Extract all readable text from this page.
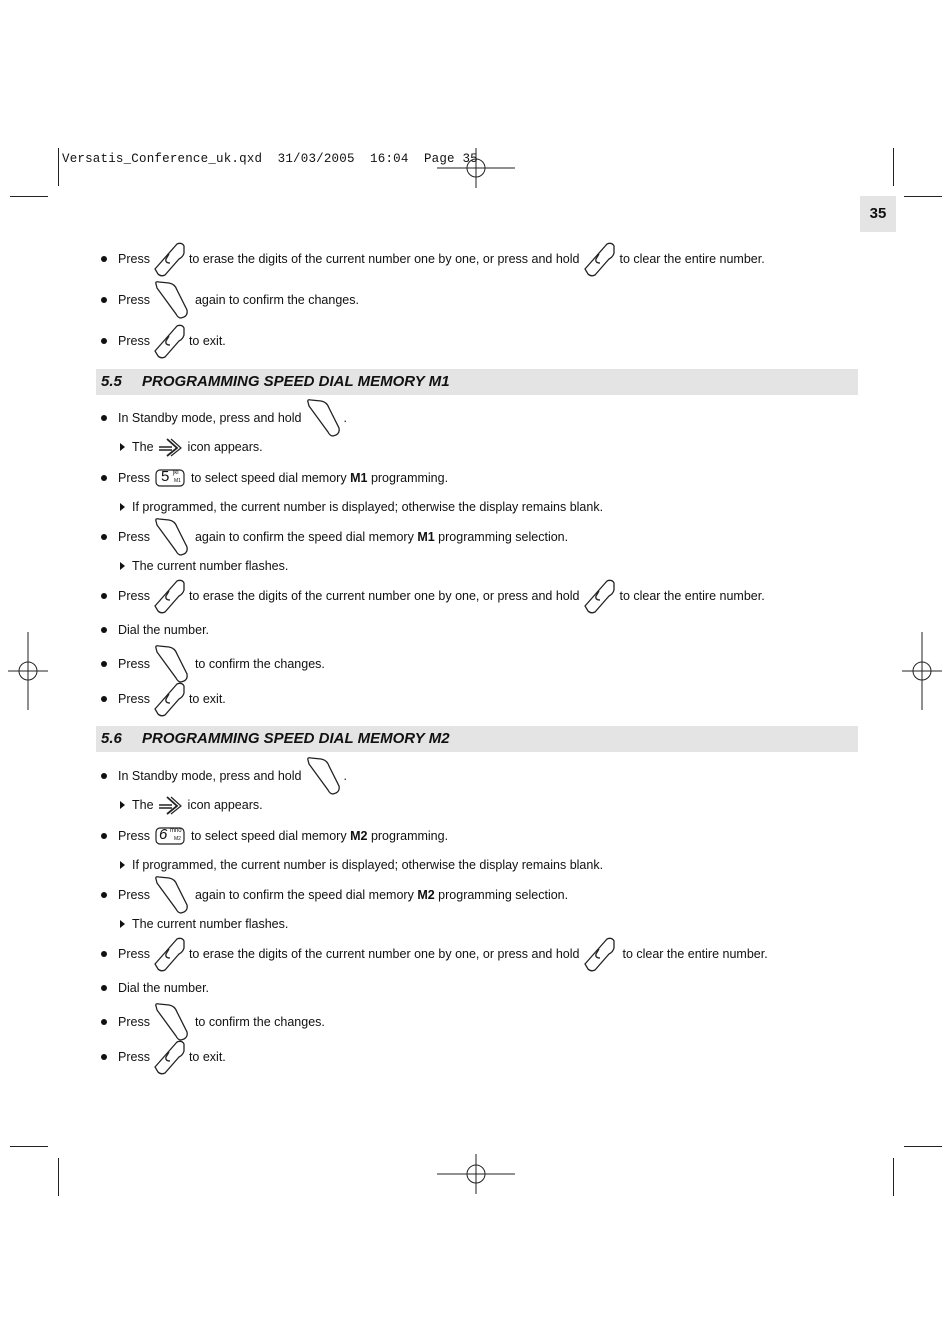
Versatis_Conference_uk.qxd  31/03/2005  16:04  Page 35
35
Press	to erase the digits of the current number one by one, or press and hold	to clear the entire number.
Press	again to confirm the changes.
Press	to exit.
5.5 PROGRAMMING SPEED DIAL MEMORY M1
In Standby mode, press and hold	.
The	icon appears.
Press 5 jkl
M1 to select speed dial memory
M1
programming.
If programmed, the current number is displayed; otherwise the display remains blank.
Press	again to confirm the speed dial memory
M1
programming selection.
The current number flashes.
Press	to erase the digits of the current number one by one, or press and hold	to clear the entire number.
Dial the number.
Press	to confirm the changes.
Press	to exit.
5.6 PROGRAMMING SPEED DIAL MEMORY M2
In Standby mode, press and hold	.
The	icon appears.
Press 6 mno
M2 to select speed dial memory
M2
programming.
If programmed, the current number is displayed; otherwise the display remains blank.
Press	again to confirm the speed dial memory
M2
programming selection.
The current number flashes.
Press	to erase the digits of the current number one by one, or press and hold	to clear the entire number.
Dial the number.
Press	to confirm the changes.
Press	to exit.
